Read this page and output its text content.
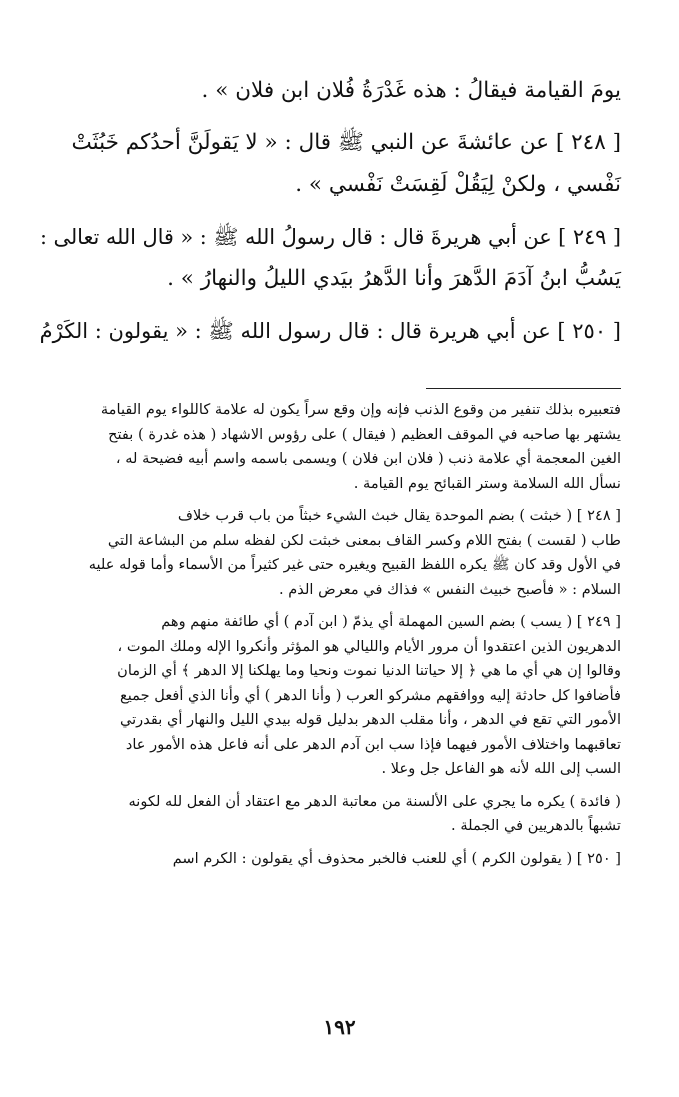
يومَ القيامة فيقالُ : هذه غَدْرَةُ فُلان ابن فلان » .

[ ٢٤٨ ] عن عائشةَ عن النبي ﷺ قال : « لا يَقولَنَّ أحدُكم خَبُثَتْ

نَفْسي ، ولكنْ لِيَقُلْ لَقِسَتْ نَفْسي » .

[ ٢٤٩ ] عن أبي هريرةَ قال : قال رسولُ الله ﷺ : « قال الله تعالى :

يَسُبُّ ابنُ آدَمَ الدَّهرَ وأنا الدَّهرُ بيَدي الليلُ والنهارُ » .

[ ٢٥٠ ] عن أبي هريرة قال : قال رسول الله ﷺ : « يقولون : الكَرْمُ

فتعبيره بذلك تنفير من وقوع الذنب فإنه وإن وقع سراً يكون له علامة كاللواء يوم القيامة

يشتهر بها صاحبه في الموقف العظيم ( فيقال ) على رؤوس الاشهاد ( هذه غدرة ) بفتح

الغين المعجمة أي علامة ذنب ( فلان ابن فلان ) ويسمى باسمه واسم أبيه فضيحة له ،

نسأل الله السلامة وستر القبائح يوم القيامة .

[ ٢٤٨ ] ( خبثت ) بضم الموحدة يقال خبث الشيء خبثاً من باب قرب خلاف

طاب ( لقست ) بفتح اللام وكسر القاف بمعنى خبثت لكن لفظه سلم من البشاعة التي

في الأول وقد كان ﷺ يكره اللفظ القبيح ويغيره حتى غير كثيراً من الأسماء وأما قوله عليه

السلام : « فأصبح خبيث النفس » فذاك في معرض الذم .

[ ٢٤٩ ] ( يسب ) بضم السين المهملة أي يذمّ ( ابن آدم ) أي طائفة منهم وهم

الدهريون الذين اعتقدوا أن مرور الأيام والليالي هو المؤثر وأنكروا الإله وملك الموت ،

وقالوا إن هي أي ما هي ﴿ إلا حياتنا الدنيا نموت ونحيا وما يهلكنا إلا الدهر ﴾ أي الزمان

فأضافوا كل حادثة إليه ووافقهم مشركو العرب ( وأنا الدهر ) أي وأنا الذي أفعل جميع

الأمور التي تقع في الدهر ، وأنا مقلب الدهر بدليل قوله بيدي الليل والنهار أي بقدرتي

تعاقبهما واختلاف الأمور فيهما فإذا سب ابن آدم الدهر على أنه فاعل هذه الأمور عاد

السب إلى الله لأنه هو الفاعل جل وعلا .

( فائدة ) يكره ما يجري على الألسنة من معاتبة الدهر مع اعتقاد أن الفعل لله لكونه

تشبهاً بالدهريين في الجملة .

[ ٢٥٠ ] ( يقولون الكرم ) أي للعنب فالخبر محذوف أي يقولون : الكرم اسم

١٩٢
